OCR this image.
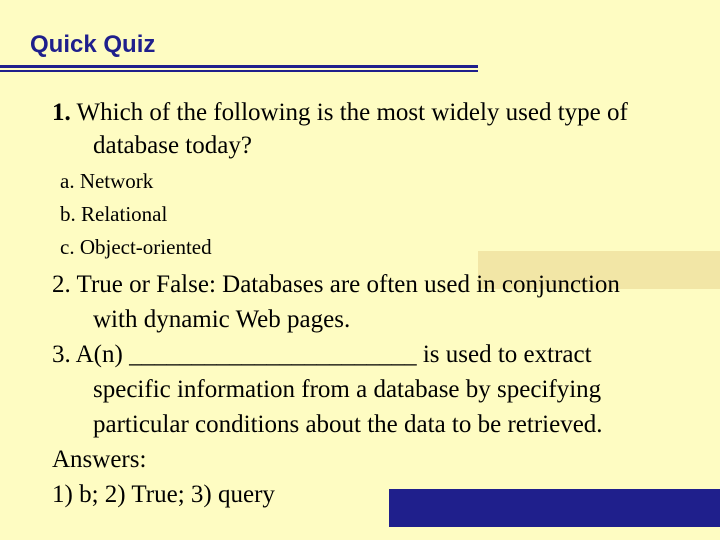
Quick Quiz
1. Which of the following is the most widely used type of
database today?
a. Network
b. Relational
c. Object-oriented

2. True or False: Databases are often used in conjunction

with dynamic Web pages.

3. A(n) _______________________ is used to extract

specific information from a database by specifying

particular conditions about the data to be retrieved.

Answers:

1) b; 2) True; 3) query
